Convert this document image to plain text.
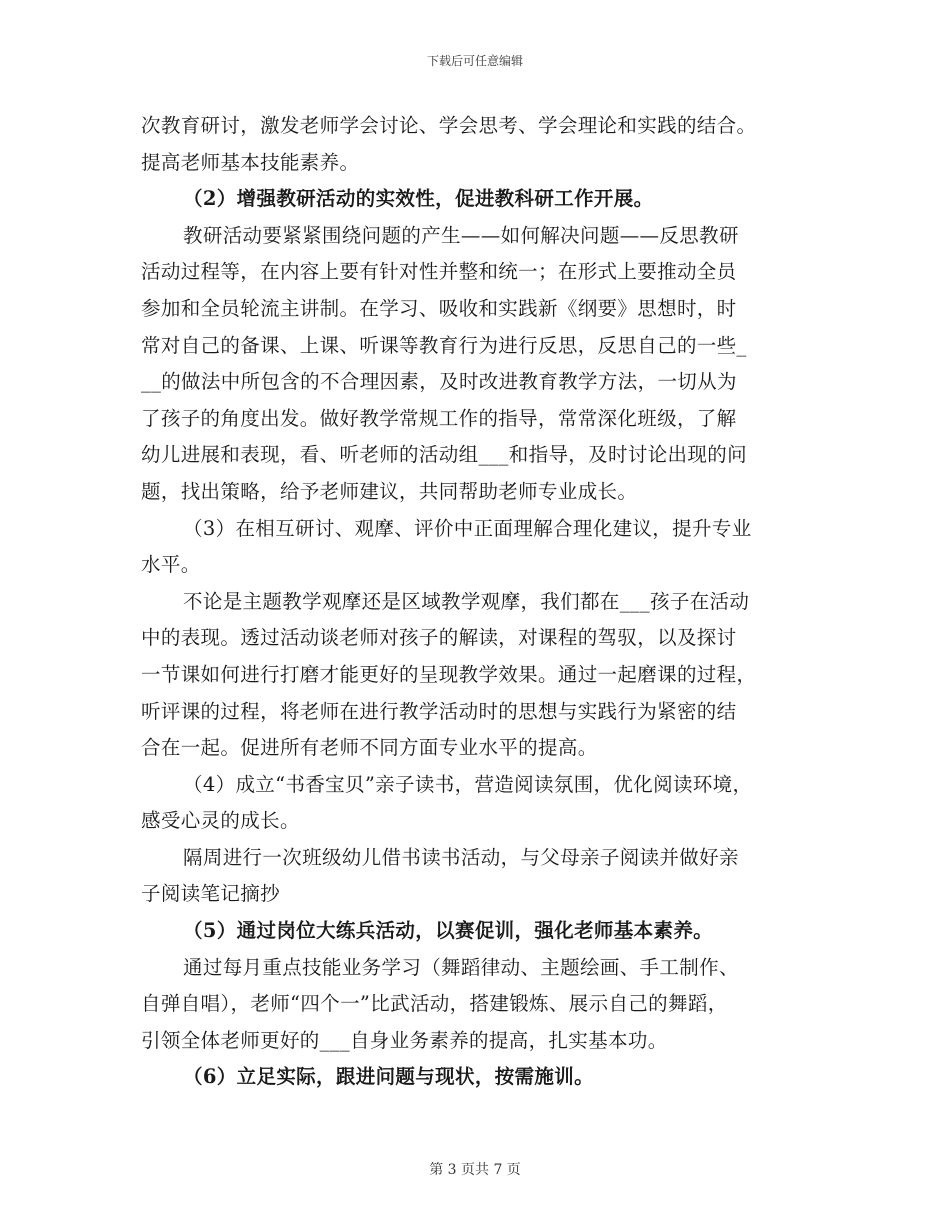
下载后可任意编辑
次教育研讨，激发老师学会讨论、学会思考、学会理论和实践的结合。
提高老师基本技能素养。
（2）增强教研活动的实效性，促进教科研工作开展。
教研活动要紧紧围绕问题的产生——如何解决问题——反思教研
活动过程等，在内容上要有针对性并整和统一；在形式上要推动全员
参加和全员轮流主讲制。在学习、吸收和实践新《纲要》思想时，时
常对自己的备课、上课、听课等教育行为进行反思，反思自己的一些_
__的做法中所包含的不合理因素，及时改进教育教学方法，一切从为
了孩子的角度出发。做好教学常规工作的指导，常常深化班级，了解
幼儿进展和表现，看、听老师的活动组___和指导，及时讨论出现的问
题，找出策略，给予老师建议，共同帮助老师专业成长。
（3）在相互研讨、观摩、评价中正面理解合理化建议，提升专业
水平。
不论是主题教学观摩还是区域教学观摩，我们都在___孩子在活动
中的表现。透过活动谈老师对孩子的解读，对课程的驾驭，以及探讨
一节课如何进行打磨才能更好的呈现教学效果。通过一起磨课的过程，
听评课的过程，将老师在进行教学活动时的思想与实践行为紧密的结
合在一起。促进所有老师不同方面专业水平的提高。
（4）成立“书香宝贝”亲子读书，营造阅读氛围，优化阅读环境，
感受心灵的成长。
隔周进行一次班级幼儿借书读书活动，与父母亲子阅读并做好亲
子阅读笔记摘抄
（5）通过岗位大练兵活动，以赛促训，强化老师基本素养。
通过每月重点技能业务学习（舞蹈律动、主题绘画、手工制作、
自弹自唱），老师“四个一”比武活动，搭建锻炼、展示自己的舞蹈，
引领全体老师更好的___自身业务素养的提高，扎实基本功。
（6）立足实际，跟进问题与现状，按需施训。
第 3 页共 7 页
